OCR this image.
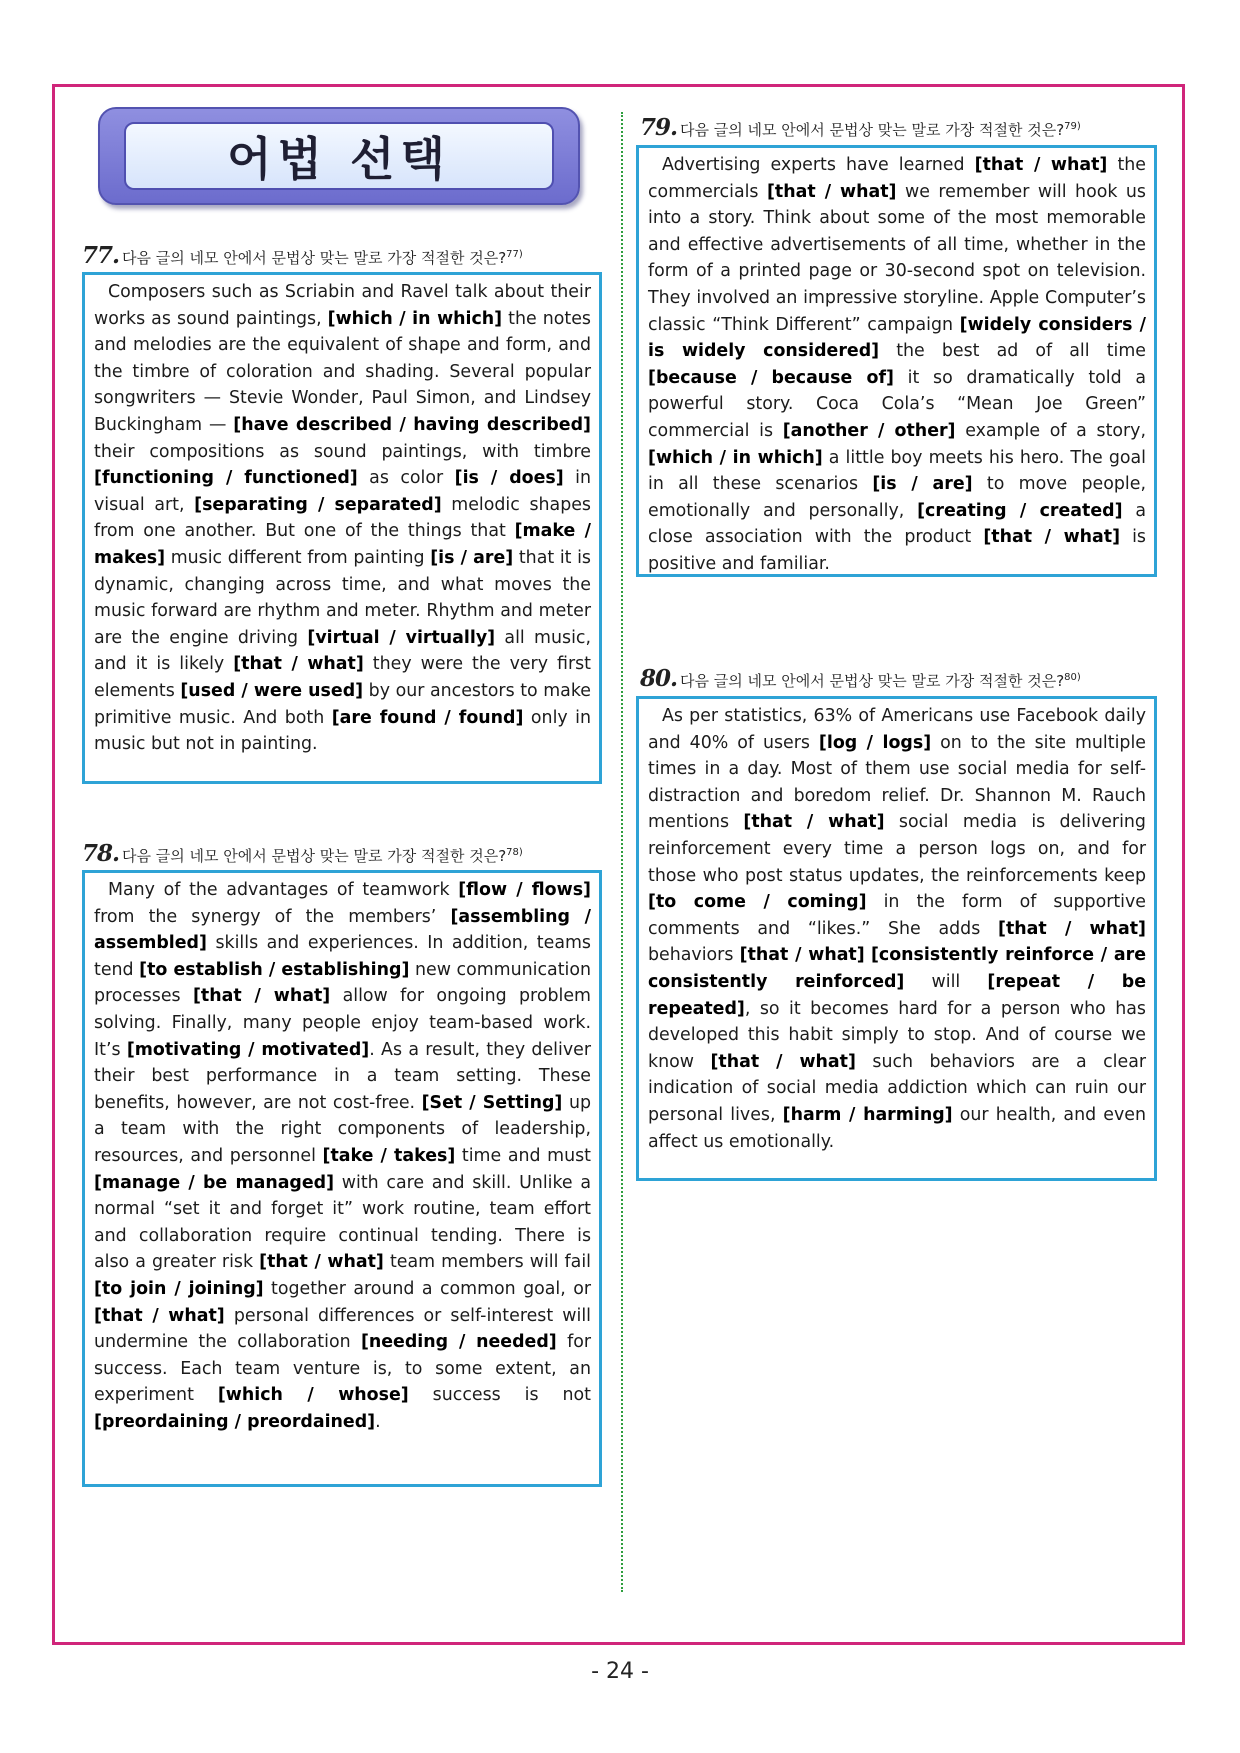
어법 선택
77. 다음 글의 네모 안에서 문법상 맞는 말로 가장 적절한 것은?$^{77)}$

Composers such as Scriabin and Ravel talk about their works as sound paintings, [which / in which] the notes and melodies are the equivalent of shape and form, and the timbre of coloration and shading. Several popular songwriters — Stevie Wonder, Paul Simon, and Lindsey Buckingham — [have described / having described] their compositions as sound paintings, with timbre [functioning / functioned] as color [is / does] in visual art, [separating / separated] melodic shapes from one another. But one of the things that [make / makes] music different from painting [is / are] that it is dynamic, changing across time, and what moves the music forward are rhythm and meter. Rhythm and meter are the engine driving [virtual / virtually] all music, and it is likely [that / what] they were the very first elements [used / were used] by our ancestors to make primitive music. And both [are found / found] only in music but not in painting.

78. 다음 글의 네모 안에서 문법상 맞는 말로 가장 적절한 것은?$^{78)}$

Many of the advantages of teamwork [flow / flows] from the synergy of the members’ [assembling / assembled] skills and experiences. In addition, teams tend [to establish / establishing] new communication processes [that / what] allow for ongoing problem solving. Finally, many people enjoy team-based work. It’s [motivating / motivated]. As a result, they deliver their best performance in a team setting. These benefits, however, are not cost-free. [Set / Setting] up a team with the right components of leadership, resources, and personnel [take / takes] time and must [manage / be managed] with care and skill. Unlike a normal “set it and forget it” work routine, team effort and collaboration require continual tending. There is also a greater risk [that / what] team members will fail [to join / joining] together around a common goal, or [that / what] personal differences or self-interest will undermine the collaboration [needing / needed] for success. Each team venture is, to some extent, an experiment [which / whose] success is not [preordaining / preordained].

79. 다음 글의 네모 안에서 문법상 맞는 말로 가장 적절한 것은?$^{79)}$

Advertising experts have learned [that / what] the commercials [that / what] we remember will hook us into a story. Think about some of the most memorable and effective advertisements of all time, whether in the form of a printed page or 30-second spot on television. They involved an impressive storyline. Apple Computer’s classic “Think Different” campaign [widely considers / is widely considered] the best ad of all time [because / because of] it so dramatically told a powerful story. Coca Cola’s “Mean Joe Green” commercial is [another / other] example of a story, [which / in which] a little boy meets his hero. The goal in all these scenarios [is / are] to move people, emotionally and personally, [creating / created] a close association with the product [that / what] is positive and familiar.

80. 다음 글의 네모 안에서 문법상 맞는 말로 가장 적절한 것은?$^{80)}$

As per statistics, 63% of Americans use Facebook daily and 40% of users [log / logs] on to the site multiple times in a day. Most of them use social media for self-distraction and boredom relief. Dr. Shannon M. Rauch mentions [that / what] social media is delivering reinforcement every time a person logs on, and for those who post status updates, the reinforcements keep [to come / coming] in the form of supportive comments and “likes.” She adds [that / what] behaviors [that / what] [consistently reinforce / are consistently reinforced] will [repeat / be repeated], so it becomes hard for a person who has developed this habit simply to stop. And of course we know [that / what] such behaviors are a clear indication of social media addiction which can ruin our personal lives, [harm / harming] our health, and even affect us emotionally.

- 24 -
